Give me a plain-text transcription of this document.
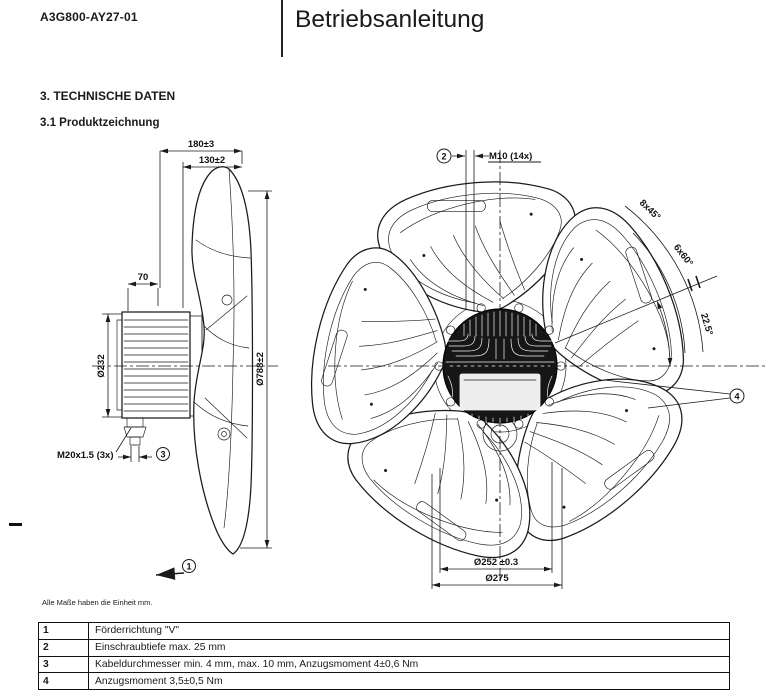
A3G800-AY27-01	Betriebsanleitung
3. TECHNISCHE DATEN
3.1 Produktzeichnung
180±3
130±2
70
Ø232	Ø788±2
M20x1.5 (3x)	3
1
8x45°
6x60°
22.5°
2	M10 (14x)
4
Ø252 ±0.3
Ø275
Alle Maße haben die Einheit mm.
1	Förderrichtung "V"
2	Einschraubtiefe max. 25 mm
3	Kabeldurchmesser min. 4 mm, max. 10 mm, Anzugsmoment 4±0,6 Nm
4	Anzugsmoment 3,5±0,5 Nm
